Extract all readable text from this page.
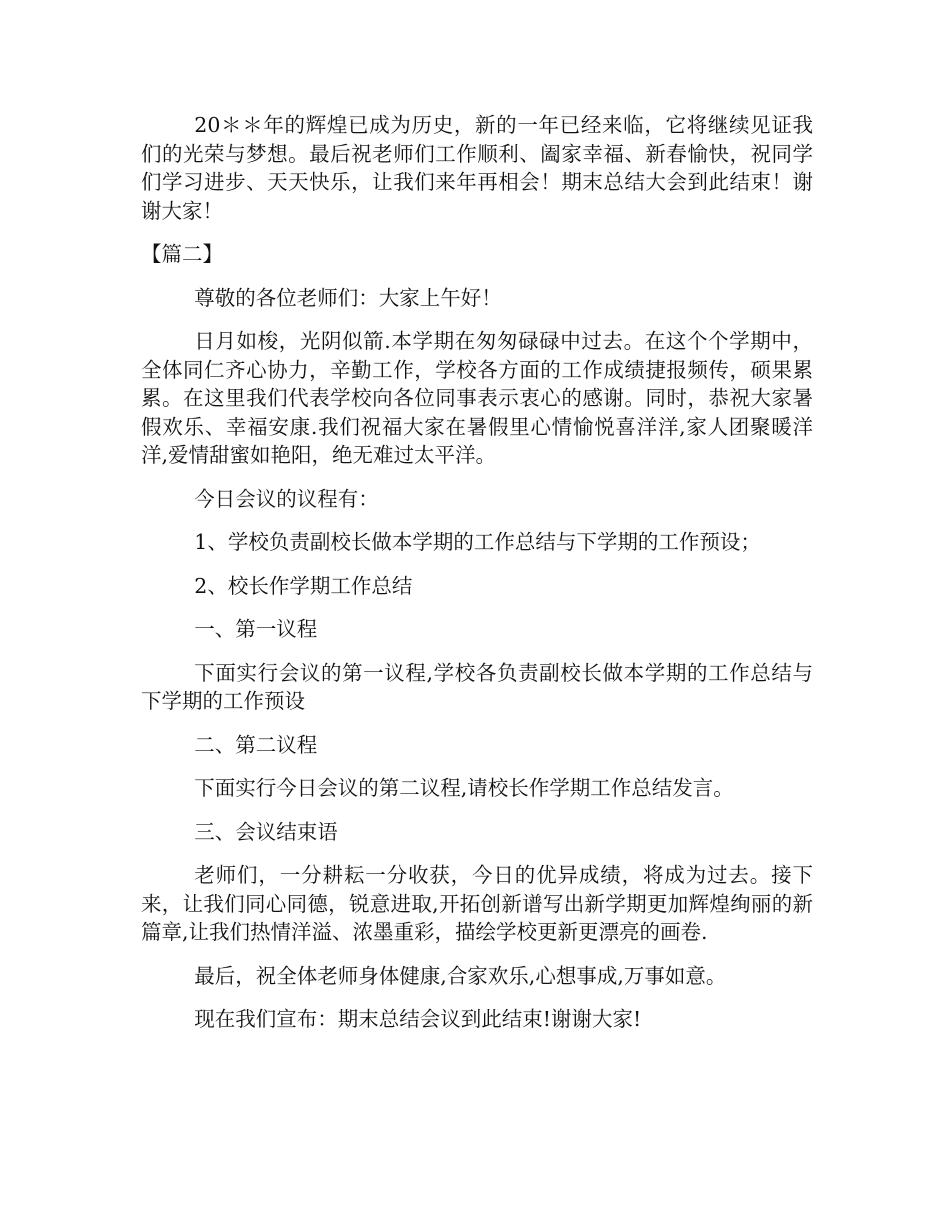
20＊＊年的辉煌已成为历史，新的一年已经来临，它将继续见证我们的光荣与梦想。最后祝老师们工作顺利、阖家幸福、新春愉快，祝同学们学习进步、天天快乐，让我们来年再相会！期末总结大会到此结束！谢谢大家！

【篇二】

尊敬的各位老师们：大家上午好！

日月如梭，光阴似箭.本学期在匆匆碌碌中过去。在这个个学期中，全体同仁齐心协力，辛勤工作，学校各方面的工作成绩捷报频传，硕果累累。在这里我们代表学校向各位同事表示衷心的感谢。同时，恭祝大家暑假欢乐、幸福安康.我们祝福大家在暑假里心情愉悦喜洋洋,家人团聚暖洋洋,爱情甜蜜如艳阳，绝无难过太平洋。

今日会议的议程有：

1、学校负责副校长做本学期的工作总结与下学期的工作预设；

2、校长作学期工作总结

一、第一议程

下面实行会议的第一议程,学校各负责副校长做本学期的工作总结与下学期的工作预设

二、第二议程

下面实行今日会议的第二议程,请校长作学期工作总结发言。

三、会议结束语

老师们，一分耕耘一分收获，今日的优异成绩，将成为过去。接下来，让我们同心同德，锐意进取,开拓创新谱写出新学期更加辉煌绚丽的新篇章,让我们热情洋溢、浓墨重彩，描绘学校更新更漂亮的画卷.

最后，祝全体老师身体健康,合家欢乐,心想事成,万事如意。

现在我们宣布：期末总结会议到此结束!谢谢大家!
